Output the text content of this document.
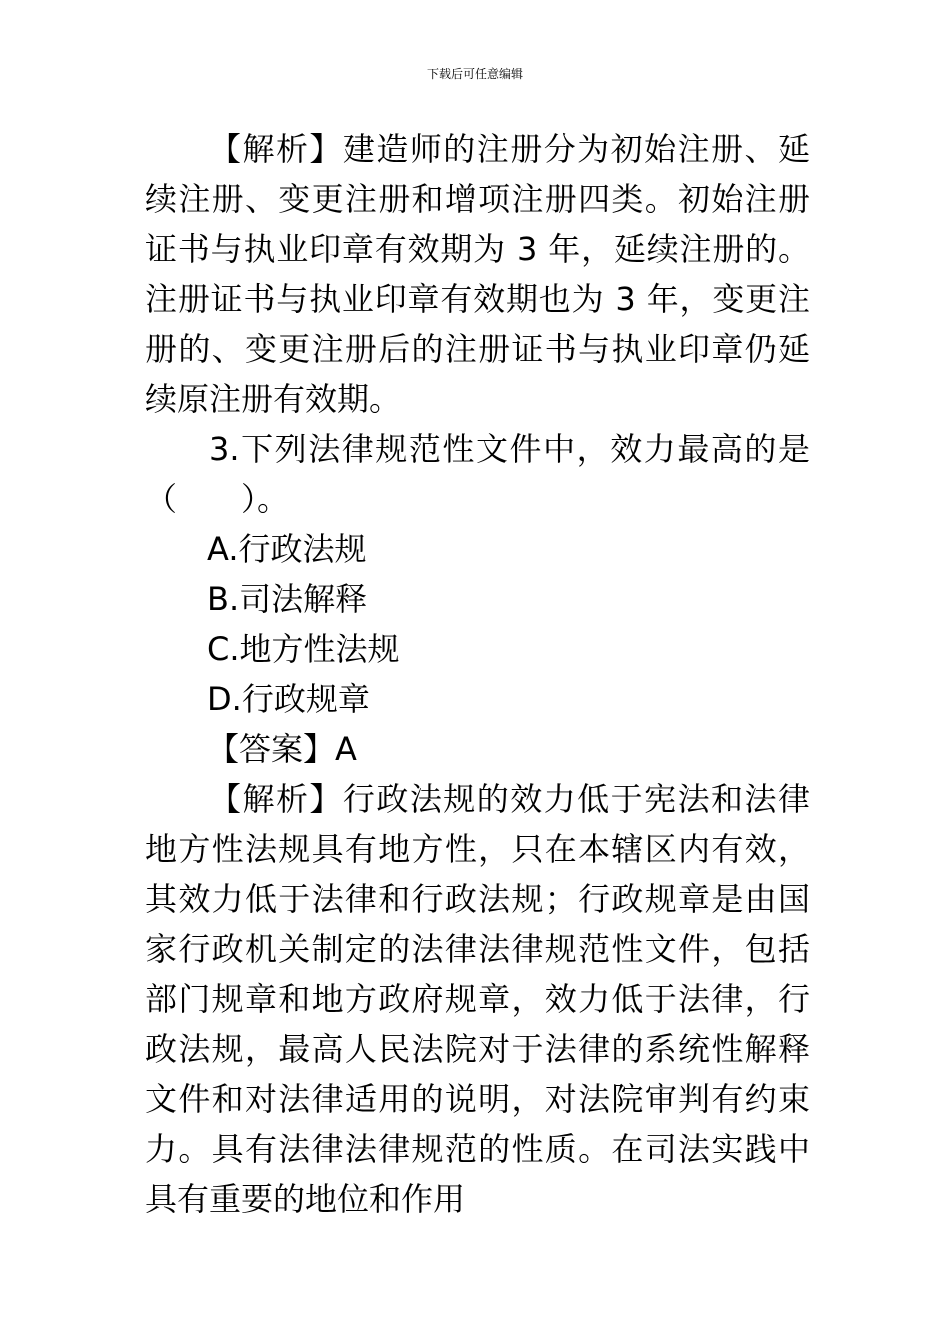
下载后可任意编辑

【解析】建造师的注册分为初始注册、延续注册、变更注册和增项注册四类。初始注册证书与执业印章有效期为 3 年，延续注册的。注册证书与执业印章有效期也为 3 年，变更注册的、变更注册后的注册证书与执业印章仍延续原注册有效期。

3.下列法律规范性文件中，效力最高的是（　　）。

A.行政法规

B.司法解释

C.地方性法规

D.行政规章

【答案】A

【解析】行政法规的效力低于宪法和法律地方性法规具有地方性，只在本辖区内有效，其效力低于法律和行政法规；行政规章是由国家行政机关制定的法律法律规范性文件，包括部门规章和地方政府规章，效力低于法律，行政法规，最高人民法院对于法律的系统性解释文件和对法律适用的说明，对法院审判有约束力。具有法律法律规范的性质。在司法实践中具有重要的地位和作用
